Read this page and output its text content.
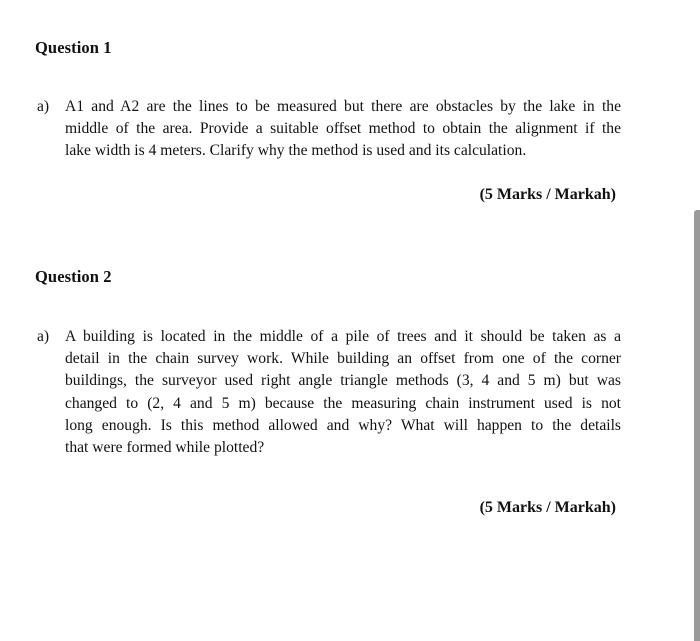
Question 1
a) A1 and A2 are the lines to be measured but there are obstacles by the lake in the
middle of the area. Provide a suitable offset method to obtain the alignment if the
lake width is 4 meters. Clarify why the method is used and its calculation.
(5 Marks / Markah)
Question 2
a) A building is located in the middle of a pile of trees and it should be taken as a
detail in the chain survey work. While building an offset from one of the corner
buildings, the surveyor used right angle triangle methods (3, 4 and 5 m) but was
changed to (2, 4 and 5 m) because the measuring chain instrument used is not
long enough. Is this method allowed and why? What will happen to the details
that were formed while plotted?
(5 Marks / Markah)
